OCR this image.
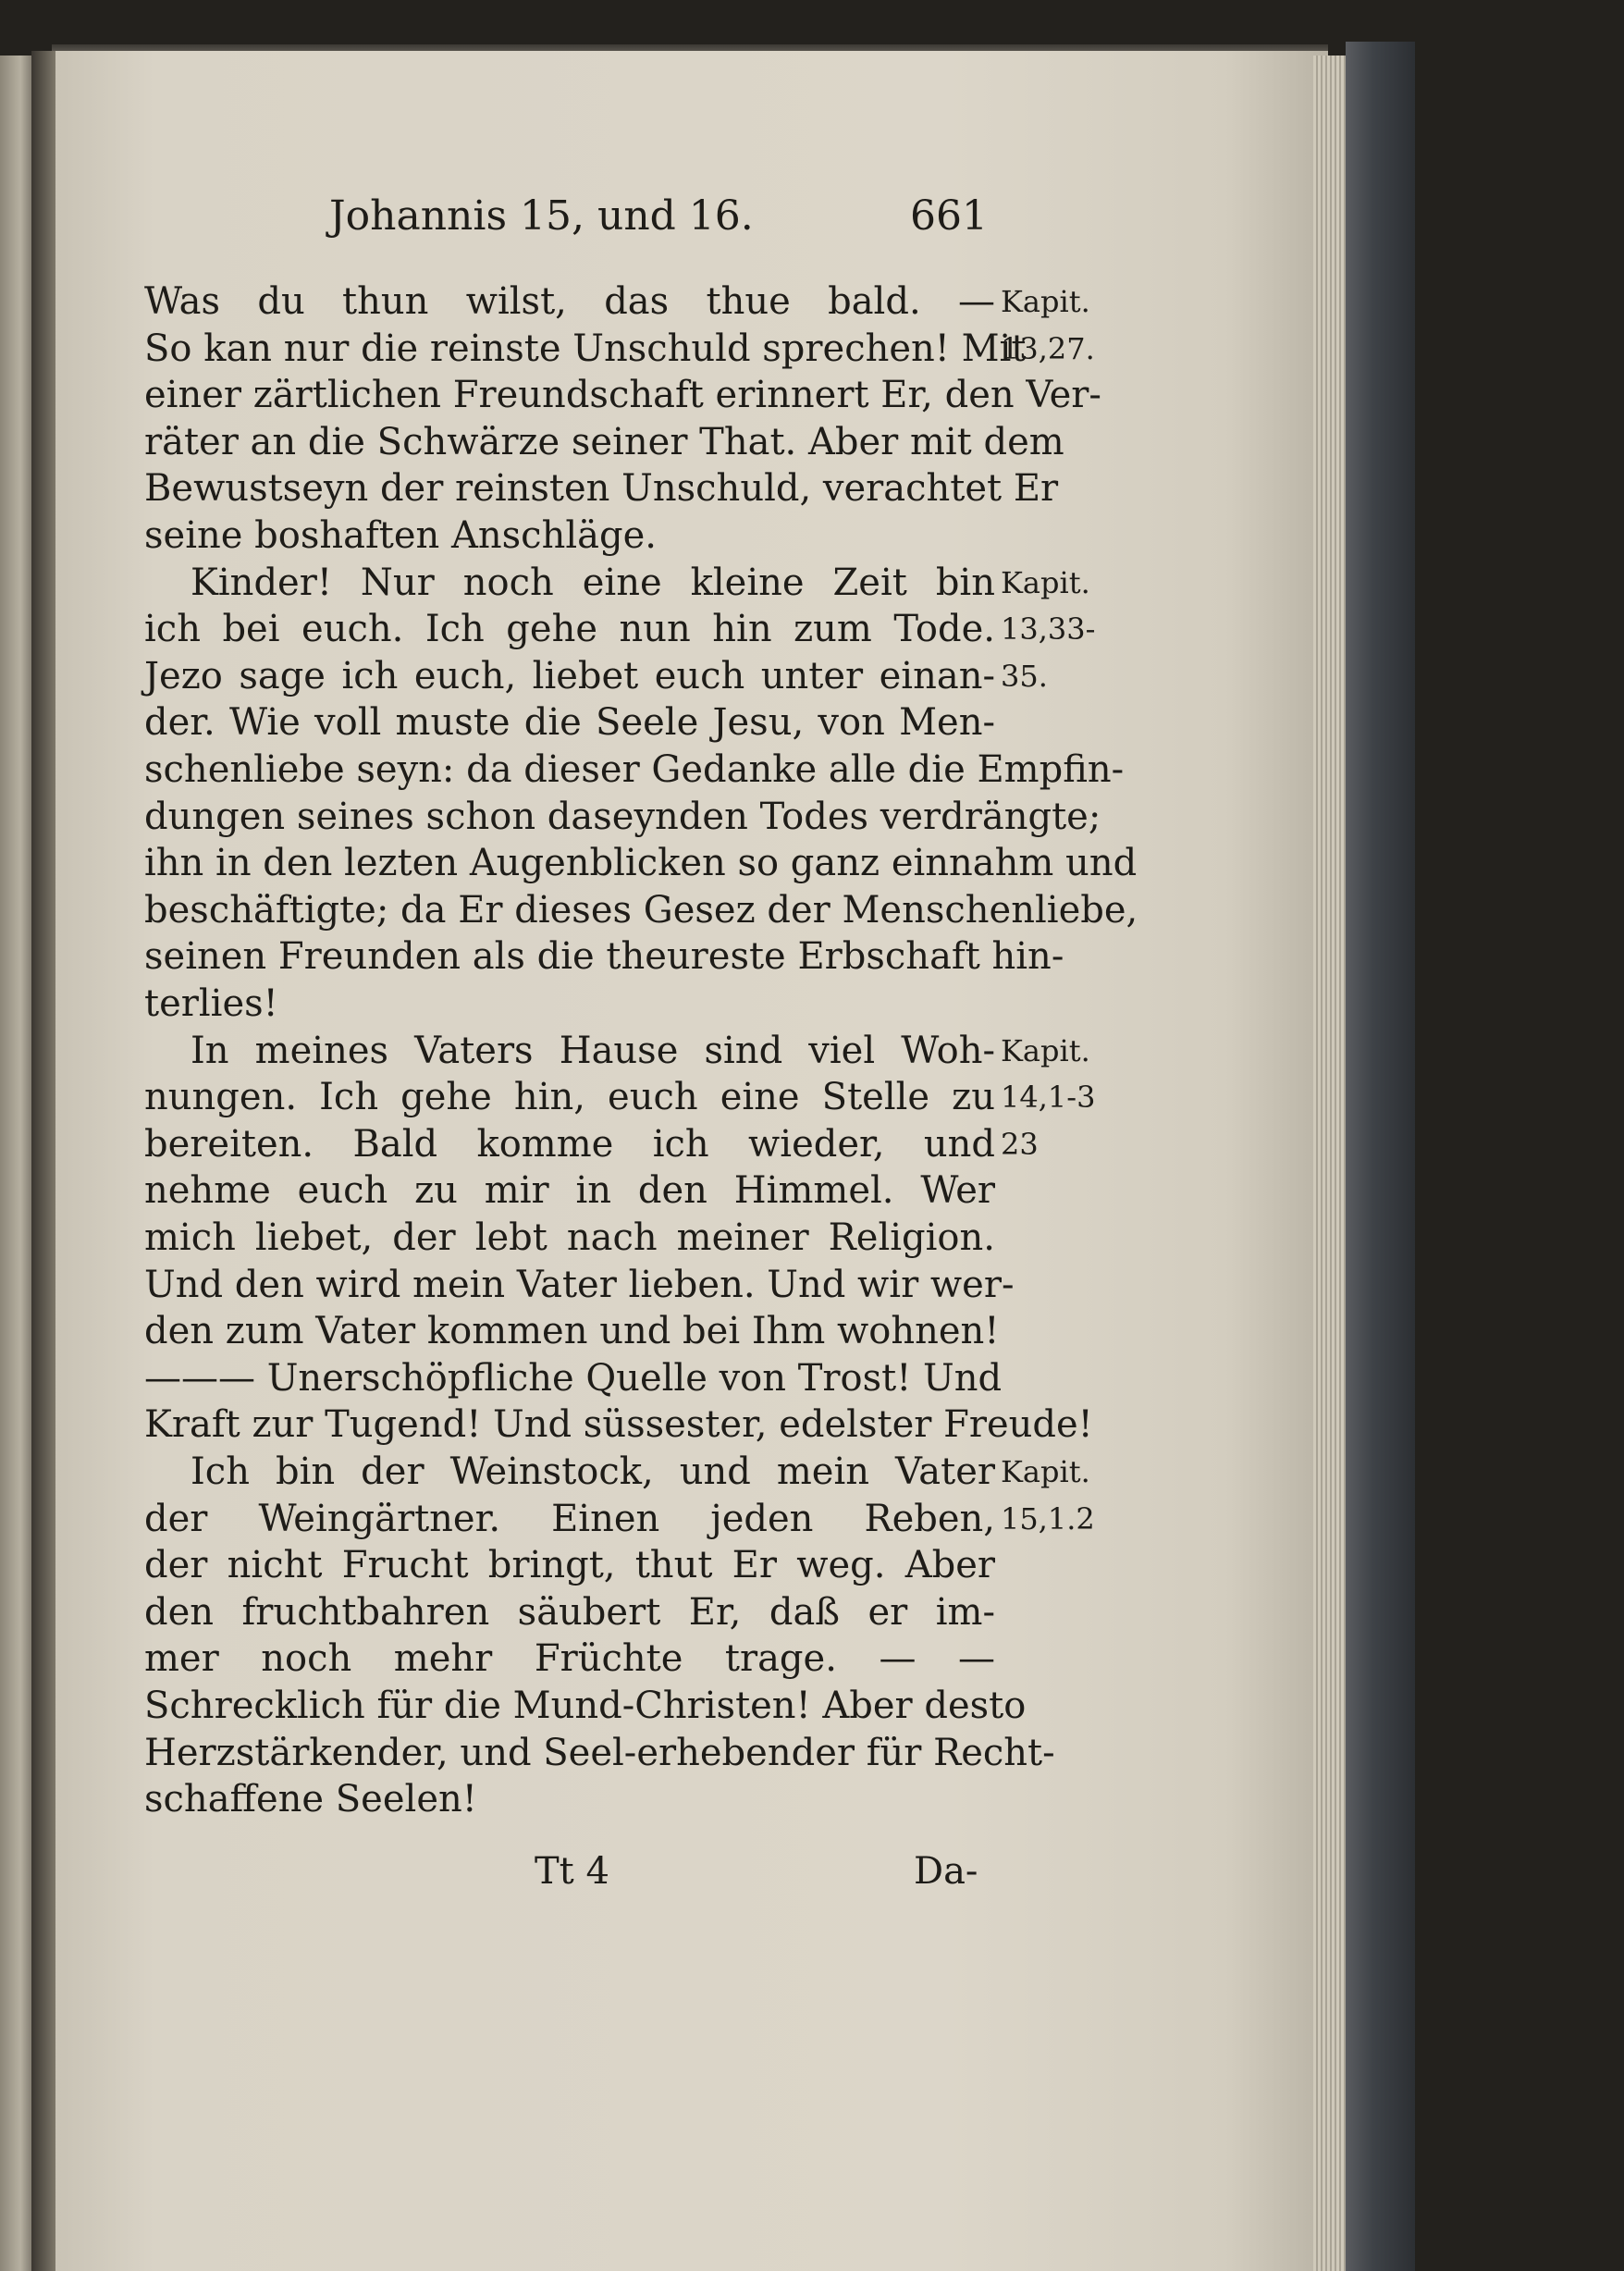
Johannis 15, und 16.	661
Was du thun wilst, das thue bald. —
So kan nur die reinste Unschuld sprechen! Mit
einer zärtlichen Freundschaft erinnert Er, den Ver-
räter an die Schwärze seiner That. Aber mit dem
Bewustseyn der reinsten Unschuld, verachtet Er
seine boshaften Anschläge.
Kinder! Nur noch eine kleine Zeit bin
ich bei euch. Ich gehe nun hin zum Tode.
Jezo sage ich euch, liebet euch unter einan-
der. Wie voll muste die Seele Jesu, von Men-
schenliebe seyn: da dieser Gedanke alle die Empfin-
dungen seines schon daseynden Todes verdrängte;
ihn in den lezten Augenblicken so ganz einnahm und
beschäftigte; da Er dieses Gesez der Menschenliebe,
seinen Freunden als die theureste Erbschaft hin-
terlies!
In meines Vaters Hause sind viel Woh-
nungen. Ich gehe hin, euch eine Stelle zu
bereiten. Bald komme ich wieder, und
nehme euch zu mir in den Himmel. Wer
mich liebet, der lebt nach meiner Religion.
Und den wird mein Vater lieben. Und wir wer-
den zum Vater kommen und bei Ihm wohnen!
——— Unerschöpfliche Quelle von Trost! Und
Kraft zur Tugend! Und süssester, edelster Freude!
Ich bin der Weinstock, und mein Vater
der Weingärtner. Einen jeden Reben,
der nicht Frucht bringt, thut Er weg. Aber
den fruchtbahren säubert Er, daß er im-
mer noch mehr Früchte trage. — —
Schrecklich für die Mund-Christen! Aber desto
Herzstärkender, und Seel-erhebender für Recht-
schaffene Seelen!
Kapit.
13,27.
Kapit.
13,33-
35.
Kapit.
14,1-3
23
Kapit.
15,1.2
Tt 4	Da-
